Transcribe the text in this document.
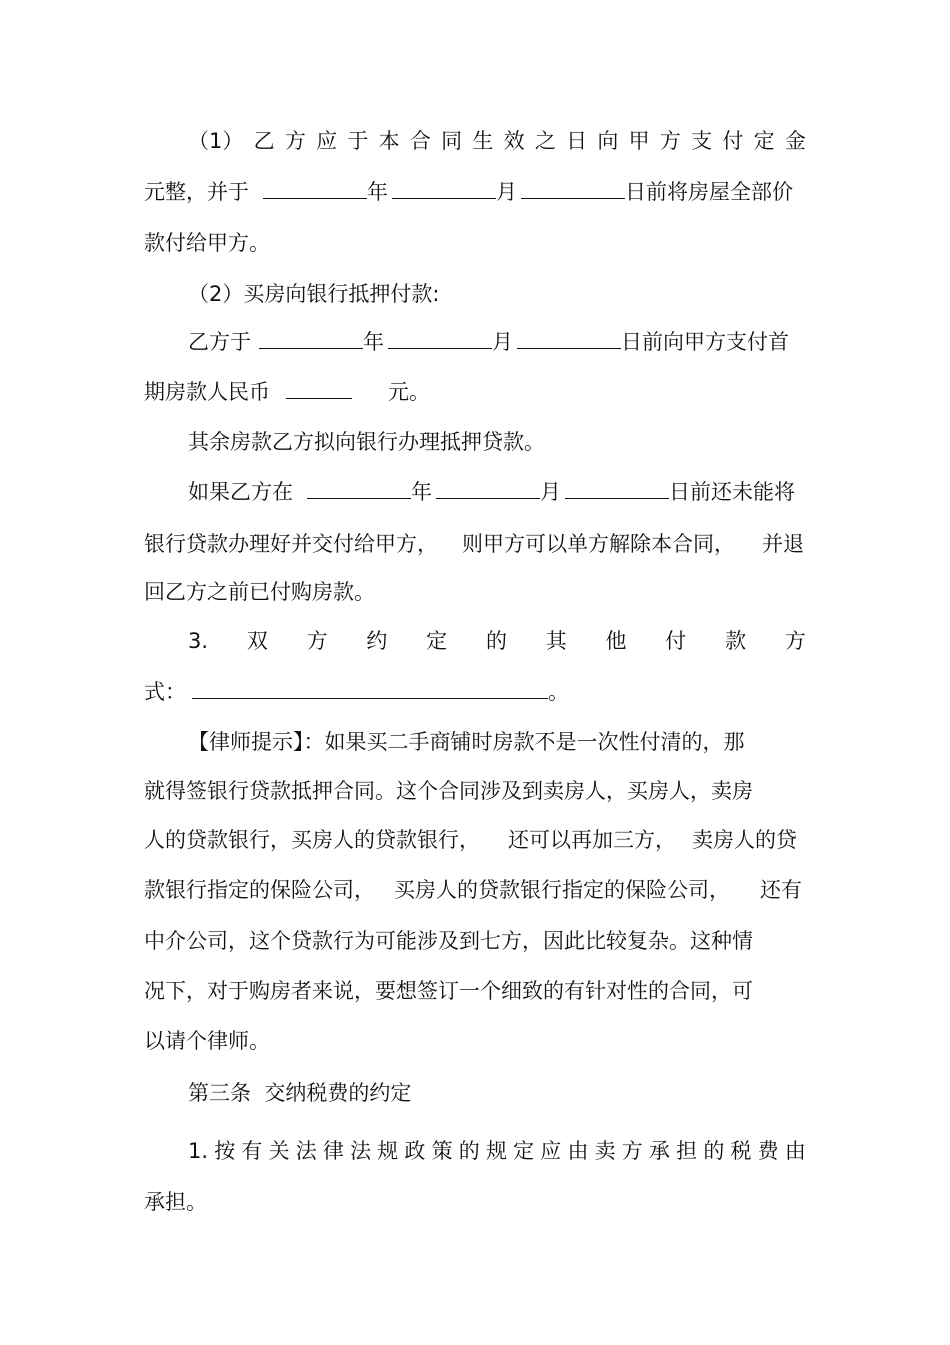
（1） 乙 方 应 于 本 合 同 生 效 之 日 向 甲 方 支 付 定 金
元整，并于	年	月	日前将房屋全部价
款付给甲方。
（2）买房向银行抵押付款:
乙方于	年	月	日前向甲方支付首
期房款人民币	元。
其余房款乙方拟向银行办理抵押贷款。
如果乙方在	年	月	日前还未能将
银行贷款办理好并交付给甲方， 则甲方可以单方解除本合同， 并退
回乙方之前已付购房款。
3. 双 方 约 定 的 其 他 付 款 方
式：	。
【律师提示】：如果买二手商铺时房款不是一次性付清的，那
就得签银行贷款抵押合同。这个合同涉及到卖房人，买房人，卖房
人的贷款银行，买房人的贷款银行， 还可以再加三方， 卖房人的贷
款银行指定的保险公司， 买房人的贷款银行指定的保险公司， 还有
中介公司，这个贷款行为可能涉及到七方，因此比较复杂。这种情
况下，对于购房者来说，要想签订一个细致的有针对性的合同，可
以请个律师。
第三条  交纳税费的约定
1. 按 有 关 法 律 法 规 政 策 的 规 定 应 由 卖 方 承 担 的 税 费 由
承担。
